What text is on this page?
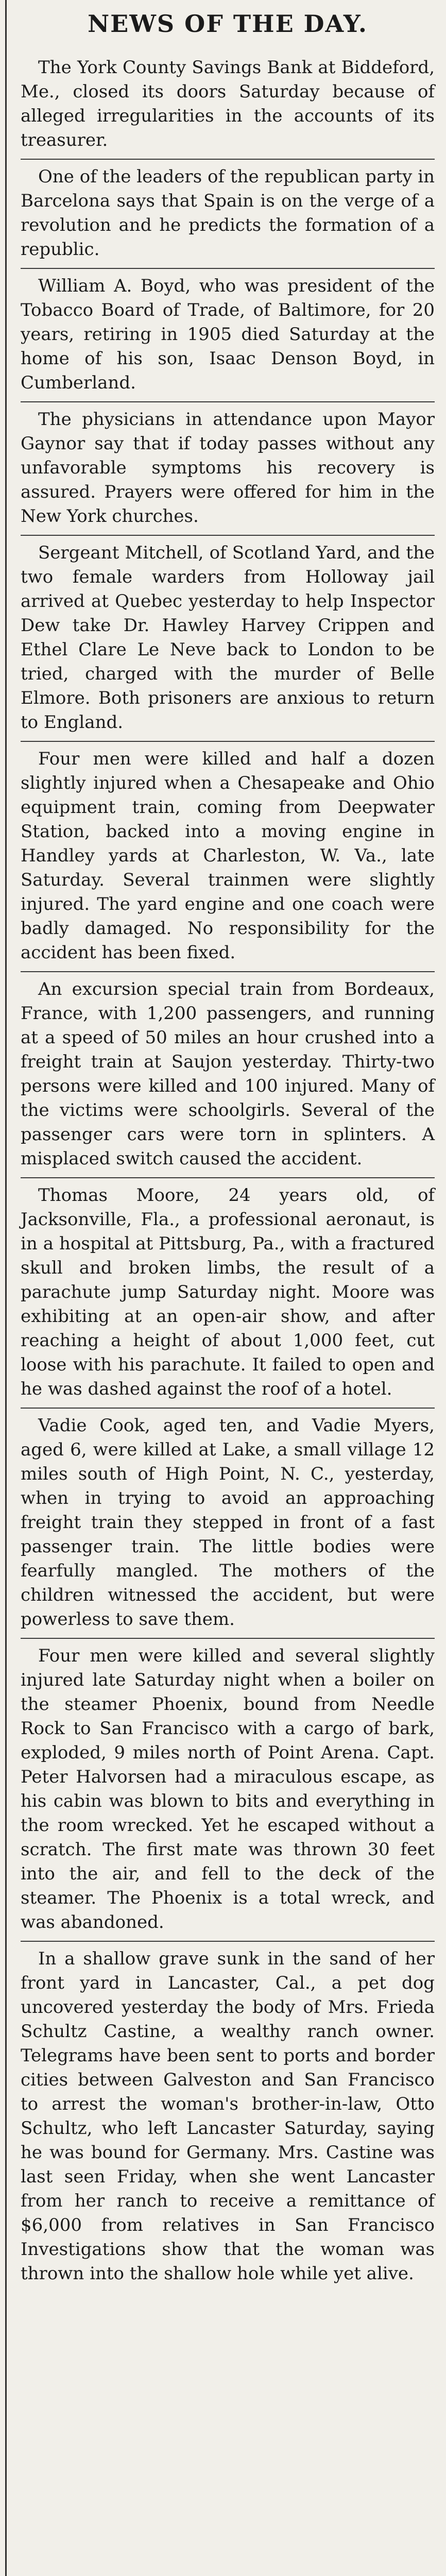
NEWS OF THE DAY.

The York County Savings Bank at Biddeford, Me., closed its doors Saturday because of alleged irregularities in the accounts of its treasurer.

One of the leaders of the republican party in Barcelona says that Spain is on the verge of a revolution and he predicts the formation of a republic.

William A. Boyd, who was president of the Tobacco Board of Trade, of Baltimore, for 20 years, retiring in 1905 died Saturday at the home of his son, Isaac Denson Boyd, in Cumberland.

The physicians in attendance upon Mayor Gaynor say that if today passes without any unfavorable symptoms his recovery is assured. Prayers were offered for him in the New York churches.

Sergeant Mitchell, of Scotland Yard, and the two female warders from Holloway jail arrived at Quebec yesterday to help Inspector Dew take Dr. Hawley Harvey Crippen and Ethel Clare Le Neve back to London to be tried, charged with the murder of Belle Elmore. Both prisoners are anxious to return to England.

Four men were killed and half a dozen slightly injured when a Chesapeake and Ohio equipment train, coming from Deepwater Station, backed into a moving engine in Handley yards at Charleston, W. Va., late Saturday. Several trainmen were slightly injured. The yard engine and one coach were badly damaged. No responsibility for the accident has been fixed.

An excursion special train from Bordeaux, France, with 1,200 passengers, and running at a speed of 50 miles an hour crushed into a freight train at Saujon yesterday. Thirty-two persons were killed and 100 injured. Many of the victims were schoolgirls. Several of the passenger cars were torn in splinters. A misplaced switch caused the accident.

Thomas Moore, 24 years old, of Jacksonville, Fla., a professional aeronaut, is in a hospital at Pittsburg, Pa., with a fractured skull and broken limbs, the result of a parachute jump Saturday night. Moore was exhibiting at an open-air show, and after reaching a height of about 1,000 feet, cut loose with his parachute. It failed to open and he was dashed against the roof of a hotel.

Vadie Cook, aged ten, and Vadie Myers, aged 6, were killed at Lake, a small village 12 miles south of High Point, N. C., yesterday, when in trying to avoid an approaching freight train they stepped in front of a fast passenger train. The little bodies were fearfully mangled. The mothers of the children witnessed the accident, but were powerless to save them.

Four men were killed and several slightly injured late Saturday night when a boiler on the steamer Phoenix, bound from Needle Rock to San Francisco with a cargo of bark, exploded, 9 miles north of Point Arena. Capt. Peter Halvorsen had a miraculous escape, as his cabin was blown to bits and everything in the room wrecked. Yet he escaped without a scratch. The first mate was thrown 30 feet into the air, and fell to the deck of the steamer. The Phoenix is a total wreck, and was abandoned.

In a shallow grave sunk in the sand of her front yard in Lancaster, Cal., a pet dog uncovered yesterday the body of Mrs. Frieda Schultz Castine, a wealthy ranch owner. Telegrams have been sent to ports and border cities between Galveston and San Francisco to arrest the woman's brother-in-law, Otto Schultz, who left Lancaster Saturday, saying he was bound for Germany. Mrs. Castine was last seen Friday, when she went Lancaster from her ranch to receive a remittance of $6,000 from relatives in San Francisco Investigations show that the woman was thrown into the shallow hole while yet alive.
